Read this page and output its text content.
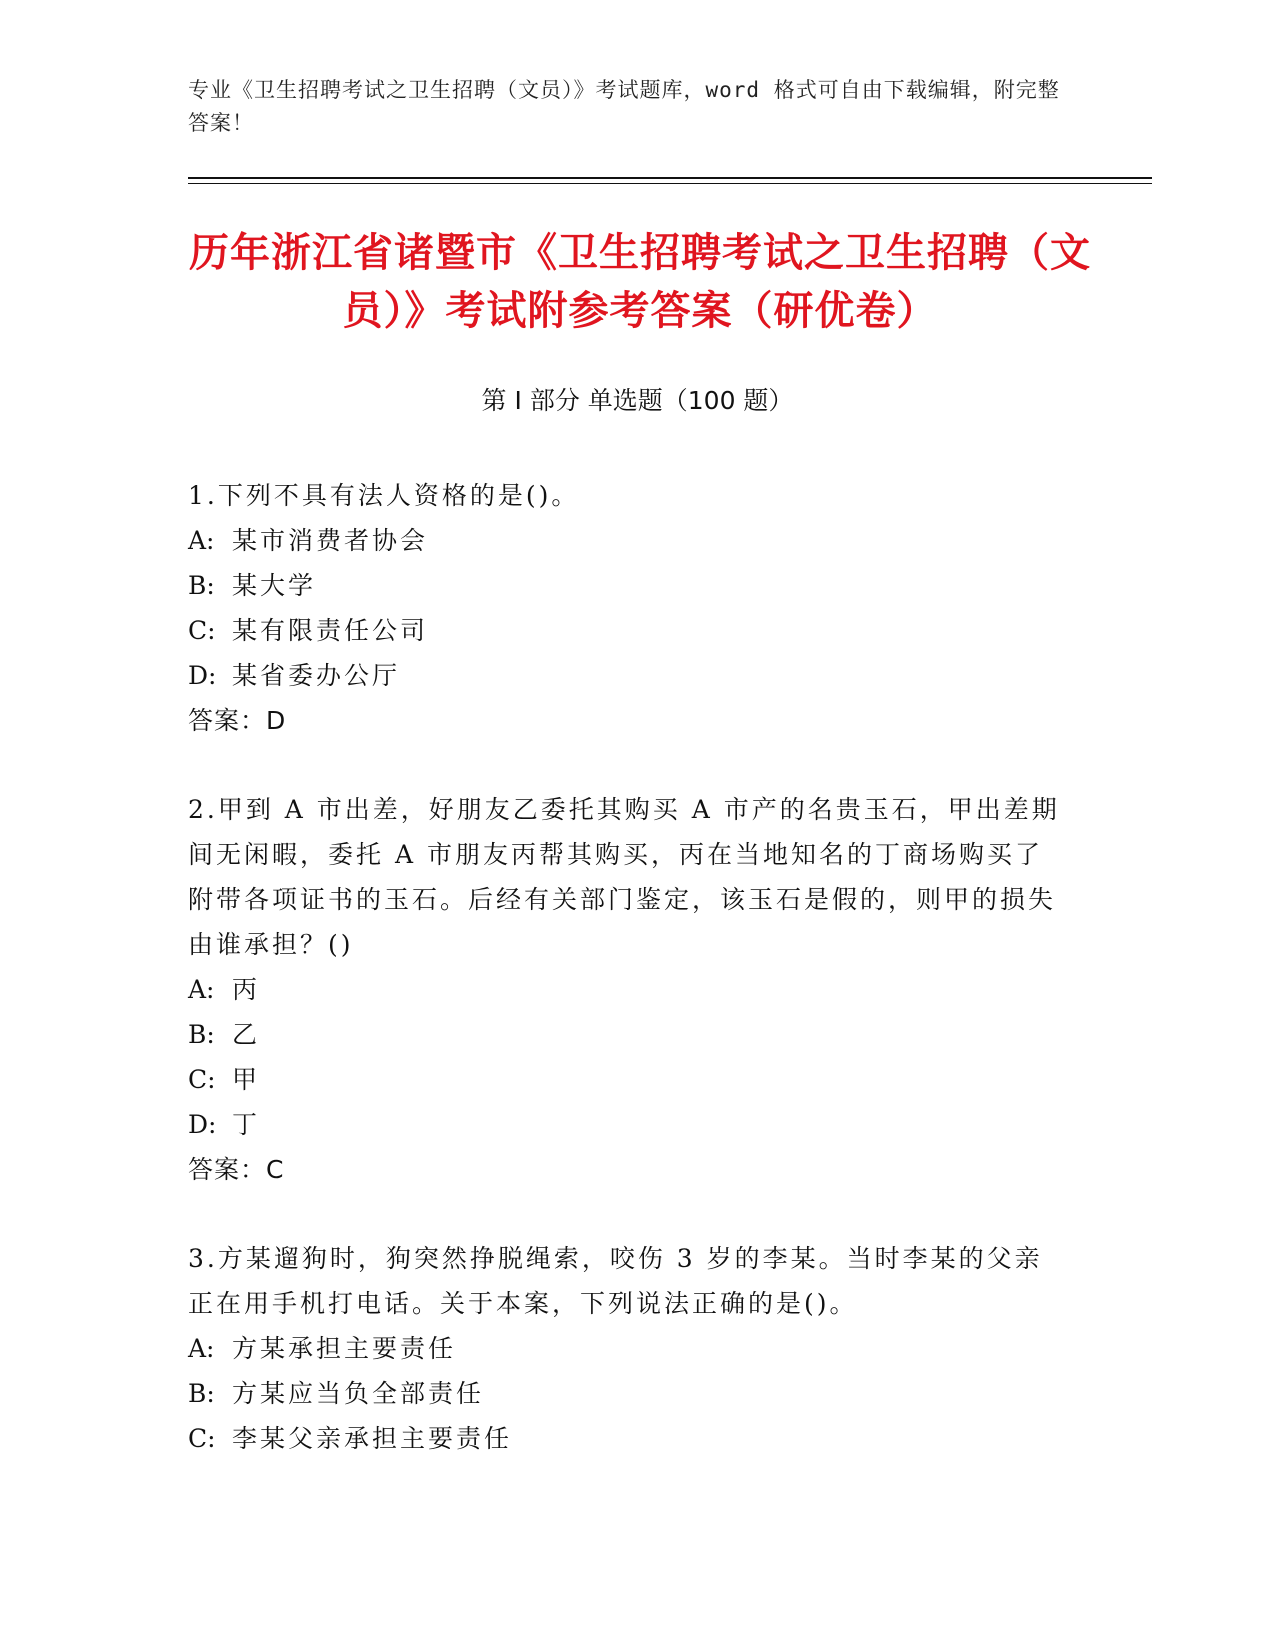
专业《卫生招聘考试之卫生招聘（文员）》考试题库，word 格式可自由下载编辑，附完整答案！
历年浙江省诸暨市《卫生招聘考试之卫生招聘（文员）》考试附参考答案（研优卷）
第 I 部分 单选题（100 题）

1.下列不具有法人资格的是()。

A: 某市消费者协会

B: 某大学

C: 某有限责任公司

D: 某省委办公厅

答案：D

2.甲到 A 市出差，好朋友乙委托其购买 A 市产的名贵玉石，甲出差期间无闲暇，委托 A 市朋友丙帮其购买，丙在当地知名的丁商场购买了附带各项证书的玉石。后经有关部门鉴定，该玉石是假的，则甲的损失由谁承担？()

A: 丙

B: 乙

C: 甲

D: 丁

答案：C

3.方某遛狗时，狗突然挣脱绳索，咬伤 3 岁的李某。当时李某的父亲正在用手机打电话。关于本案，下列说法正确的是()。

A: 方某承担主要责任

B: 方某应当负全部责任

C: 李某父亲承担主要责任
